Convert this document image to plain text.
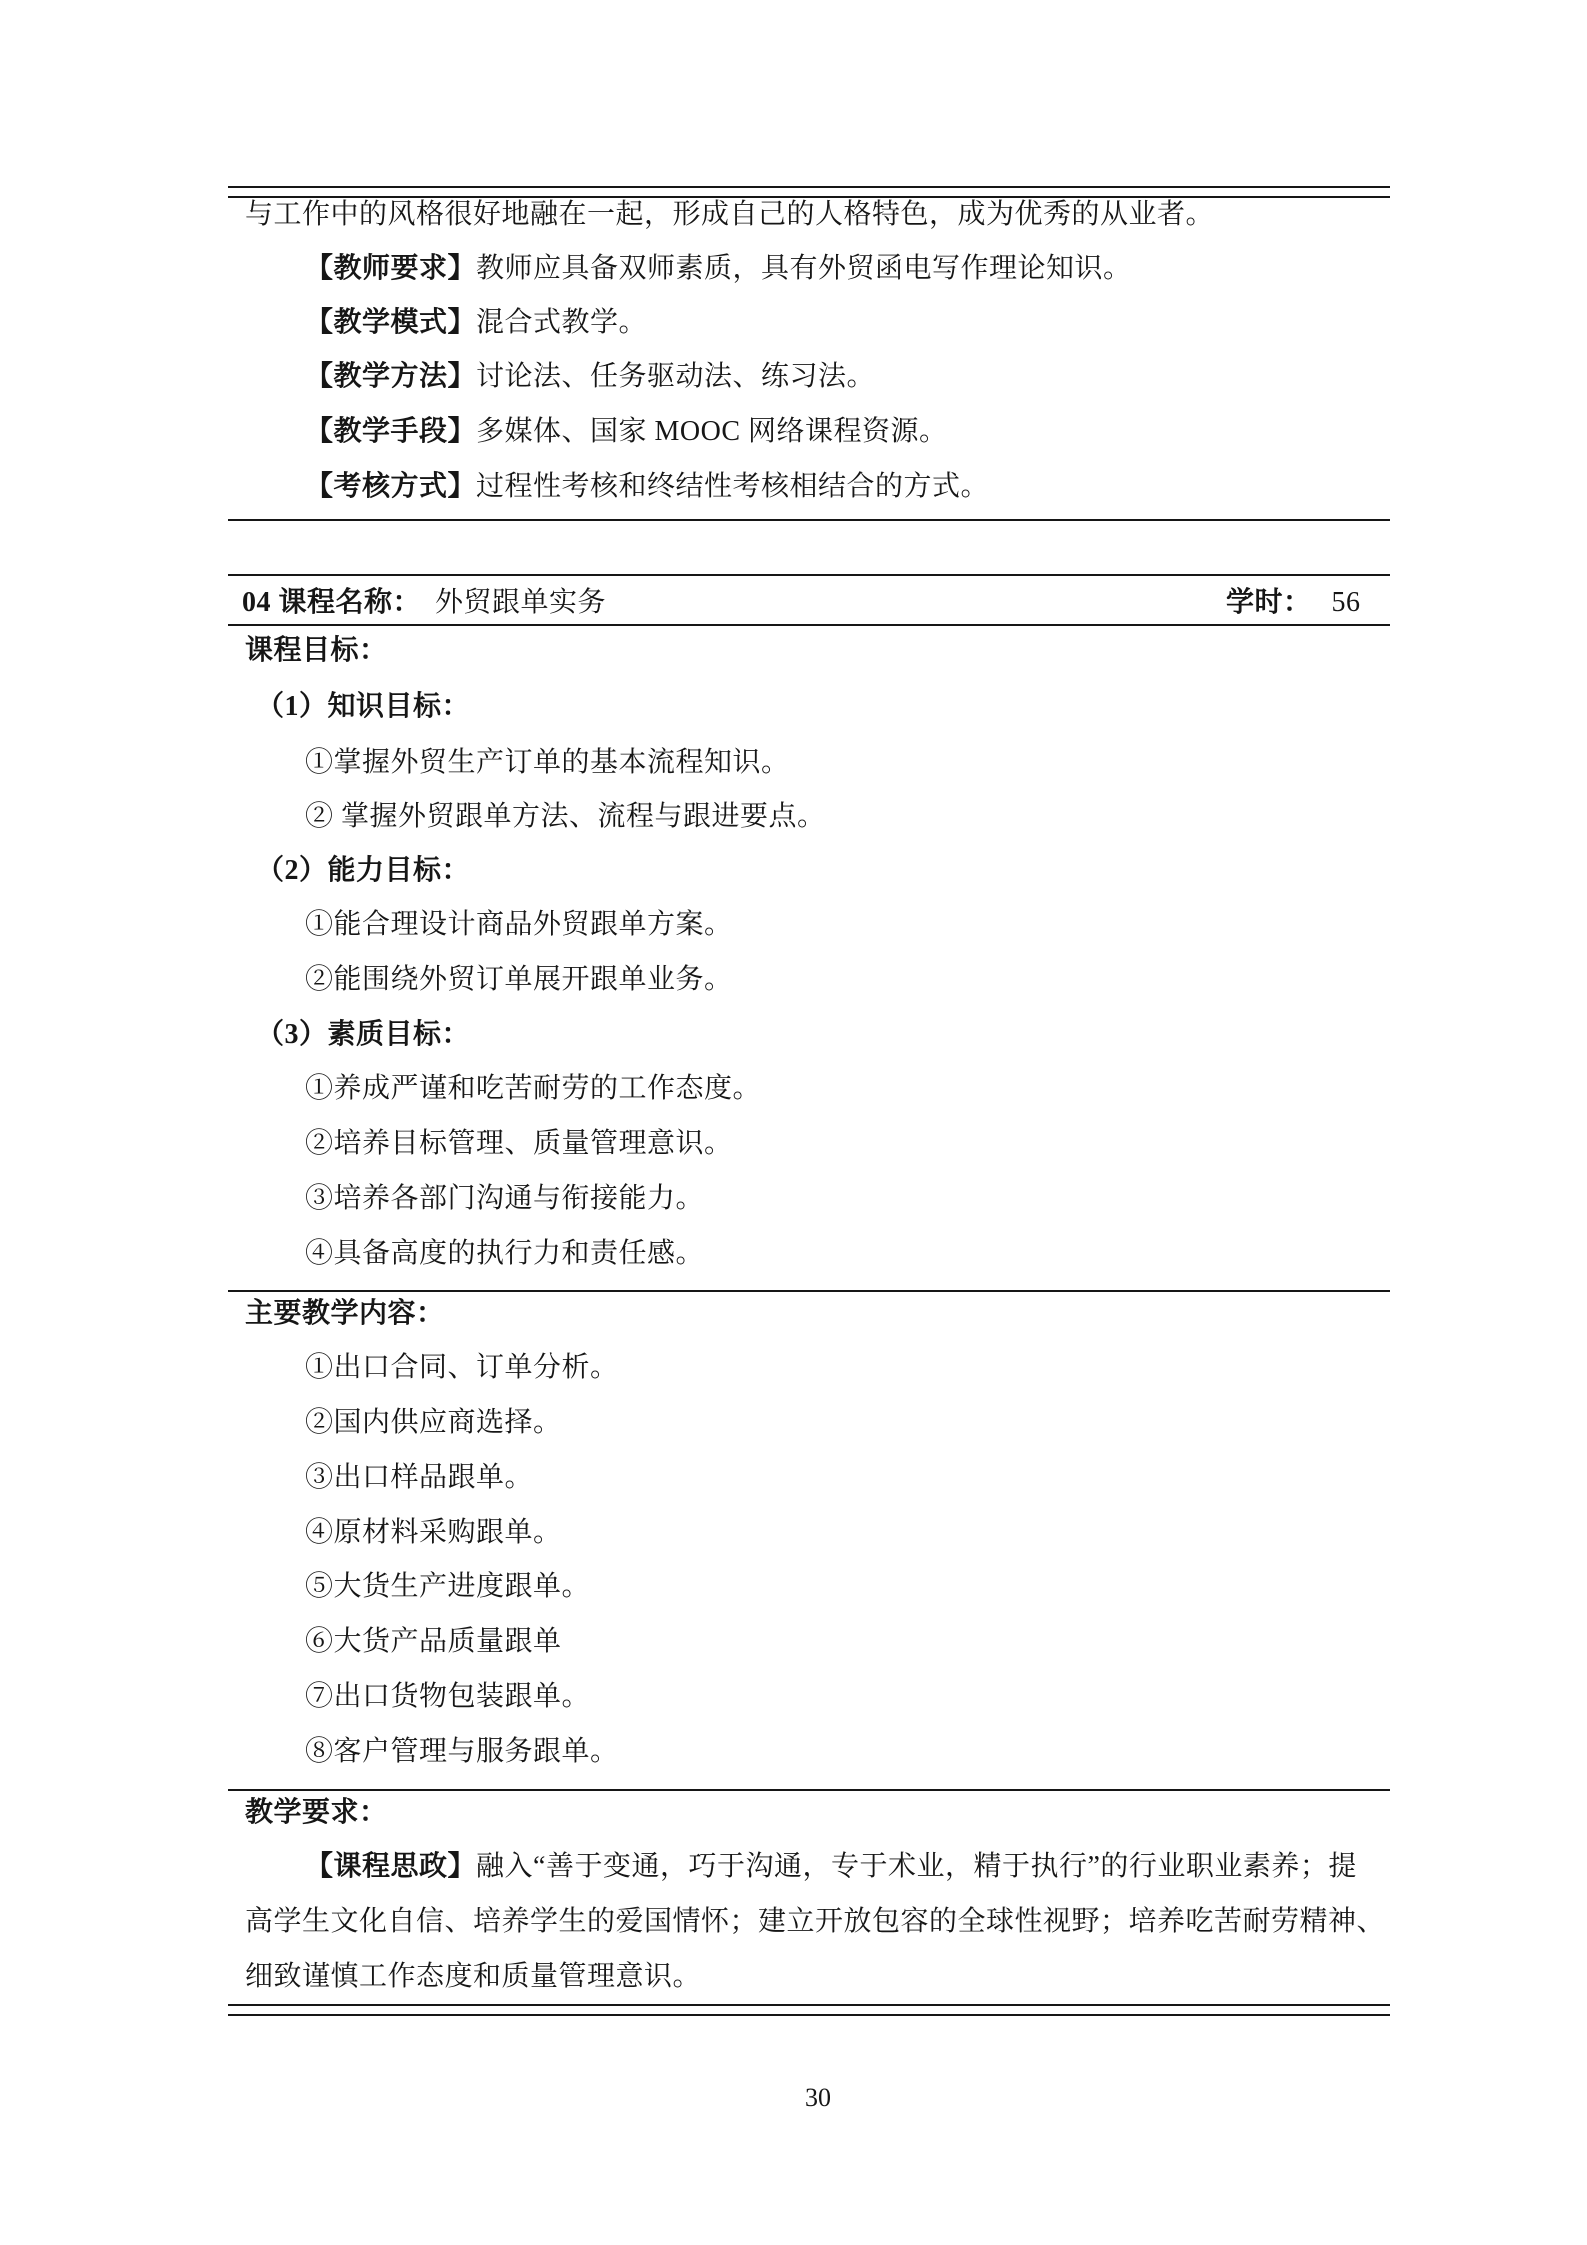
与工作中的风格很好地融在一起，形成自己的人格特色，成为优秀的从业者。
【教师要求】教师应具备双师素质，具有外贸函电写作理论知识。
【教学模式】混合式教学。
【教学方法】讨论法、任务驱动法、练习法。
【教学手段】多媒体、国家 MOOC 网络课程资源。
【考核方式】过程性考核和终结性考核相结合的方式。
04 课程名称： 外贸跟单实务	学时： 56
课程目标：
（1）知识目标：
①掌握外贸生产订单的基本流程知识。
② 掌握外贸跟单方法、流程与跟进要点。
（2）能力目标：
①能合理设计商品外贸跟单方案。
②能围绕外贸订单展开跟单业务。
（3）素质目标：
①养成严谨和吃苦耐劳的工作态度。
②培养目标管理、质量管理意识。
③培养各部门沟通与衔接能力。
④具备高度的执行力和责任感。
主要教学内容：
①出口合同、订单分析。
②国内供应商选择。
③出口样品跟单。
④原材料采购跟单。
⑤大货生产进度跟单。
⑥大货产品质量跟单
⑦出口货物包装跟单。
⑧客户管理与服务跟单。
教学要求：
【课程思政】融入“善于变通，巧于沟通，专于术业，精于执行”的行业职业素养；提
高学生文化自信、培养学生的爱国情怀；建立开放包容的全球性视野；培养吃苦耐劳精神、
细致谨慎工作态度和质量管理意识。
30
